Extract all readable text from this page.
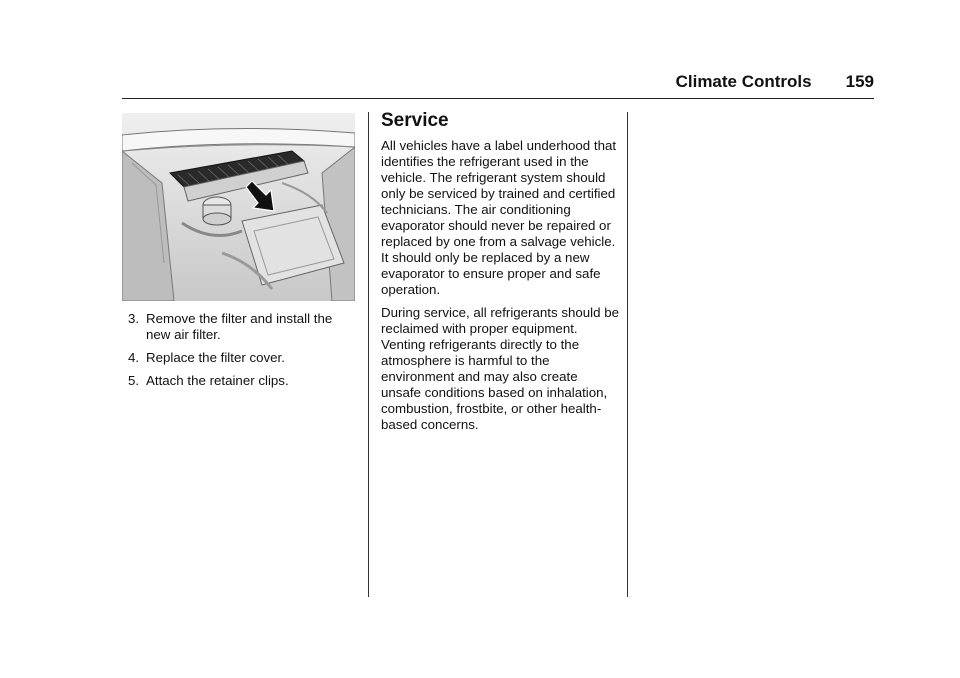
Climate Controls 159
3. Remove the filter and install the new air filter.
4. Replace the filter cover.
5. Attach the retainer clips.
Service

All vehicles have a label underhood that identifies the refrigerant used in the vehicle. The refrigerant system should only be serviced by trained and certified technicians. The air conditioning evaporator should never be repaired or replaced by one from a salvage vehicle.

It should only be replaced by a new evaporator to ensure proper and safe operation.

During service, all refrigerants should be reclaimed with proper equipment. Venting refrigerants directly to the atmosphere is harmful to the environment and may also create unsafe conditions based on inhalation, combustion, frostbite, or other health-based concerns.
